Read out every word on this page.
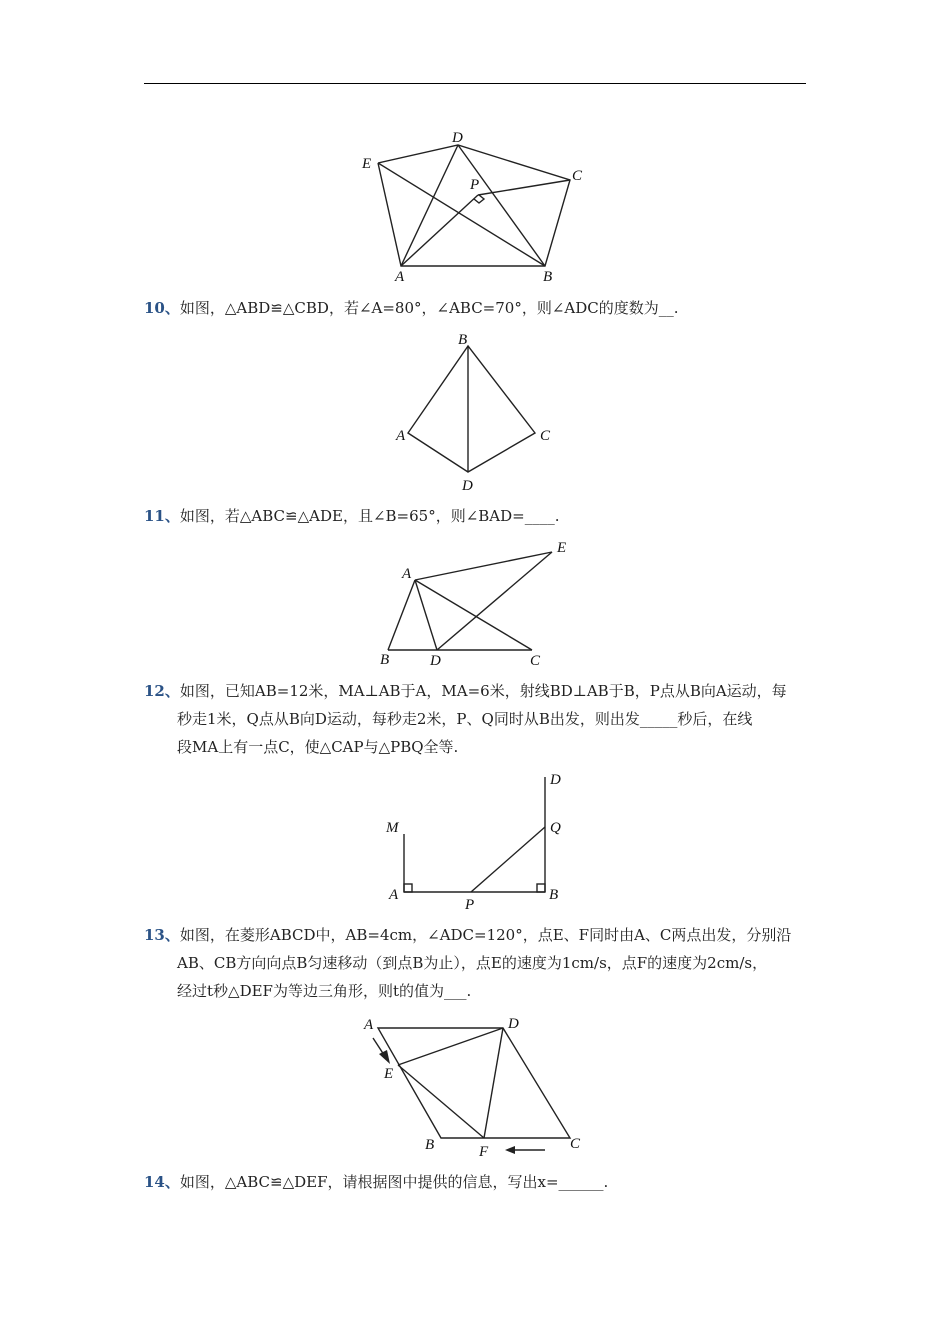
D
E
C
P
A	B
10、如图，△ABD≌△CBD，若∠A=80°，∠ABC=70°，则∠ADC的度数为__.
B
A	C
D
11、如图，若△ABC≌△ADE，且∠B=65°，则∠BAD=____.
E
A
B	D	C
12、如图，已知AB=12米，MA⊥AB于A，MA=6米，射线BD⊥AB于B，P点从B向A运动，每
秒走1米，Q点从B向D运动，每秒走2米，P、Q同时从B出发，则出发_____秒后，在线
段MA上有一点C，使△CAP与△PBQ全等.
D
M	Q
A	B
P
13、如图，在菱形ABCD中，AB=4cm，∠ADC=120°，点E、F同时由A、C两点出发，分别沿
AB、CB方向向点B匀速移动（到点B为止），点E的速度为1cm/s，点F的速度为2cm/s，
经过t秒△DEF为等边三角形，则t的值为___.
A	D
E
B	F	C
14、如图，△ABC≌△DEF，请根据图中提供的信息，写出x=______.
